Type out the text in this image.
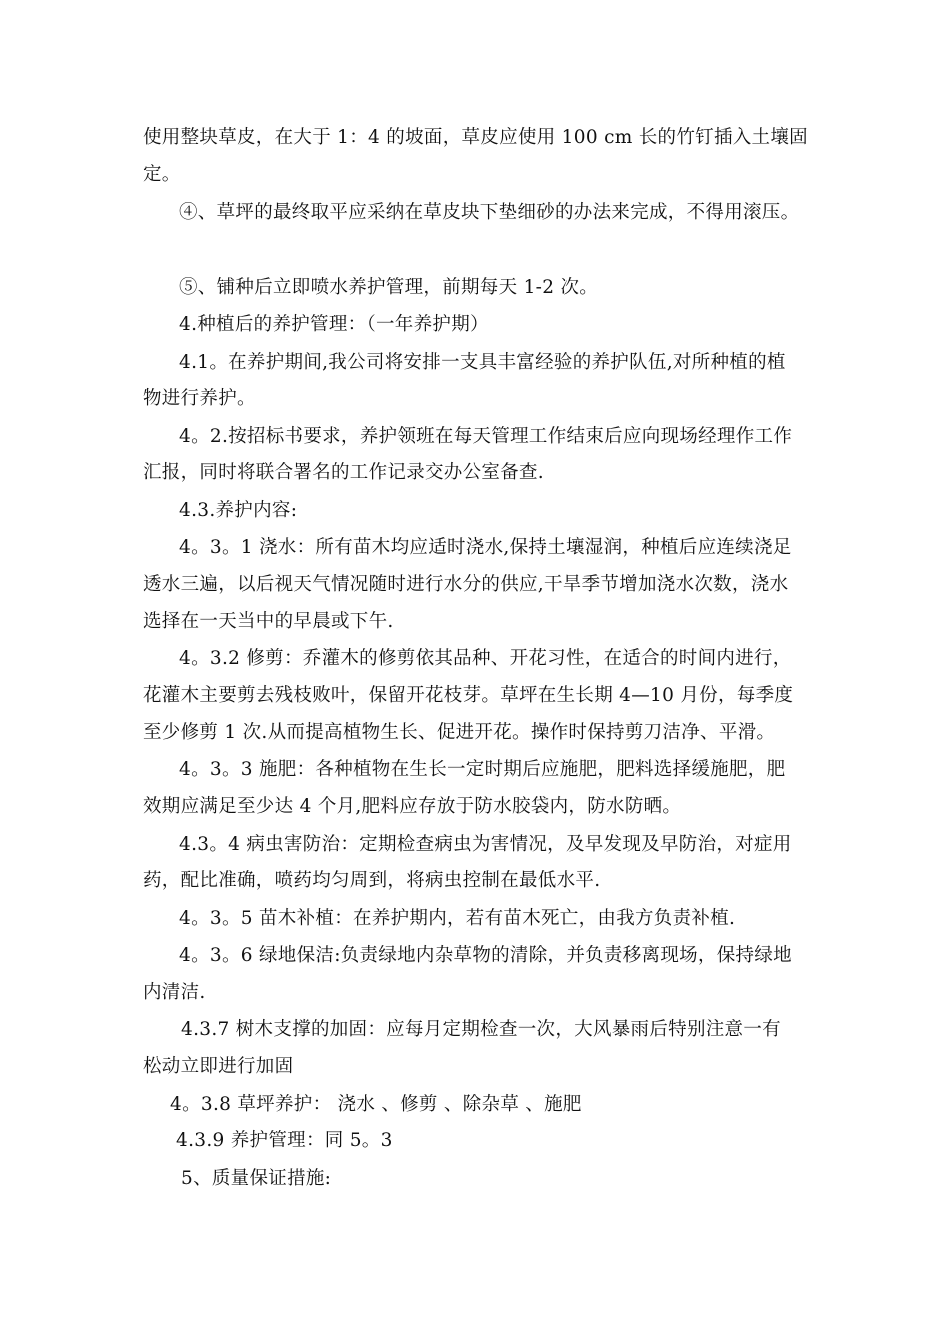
使用整块草皮，在大于 1：4 的坡面，草皮应使用 100 cm 长的竹钉插入土壤固
定。
④、草坪的最终取平应采纳在草皮块下垫细砂的办法来完成，不得用滚压。
⑤、铺种后立即喷水养护管理，前期每天 1-2 次。
4.种植后的养护管理：（一年养护期）
4.1。在养护期间,我公司将安排一支具丰富经验的养护队伍,对所种植的植
物进行养护。
4。2.按招标书要求，养护领班在每天管理工作结束后应向现场经理作工作
汇报，同时将联合署名的工作记录交办公室备查.
4.3.养护内容:
4。3。1 浇水：所有苗木均应适时浇水,保持土壤湿润，种植后应连续浇足
透水三遍，以后视天气情况随时进行水分的供应,干旱季节增加浇水次数，浇水
选择在一天当中的早晨或下午.
4。3.2 修剪：乔灌木的修剪依其品种、开花习性，在适合的时间内进行，
花灌木主要剪去残枝败叶，保留开花枝芽。草坪在生长期 4—10 月份，每季度
至少修剪 1 次.从而提高植物生长、促进开花。操作时保持剪刀洁净、平滑。
4。3。3 施肥：各种植物在生长一定时期后应施肥，肥料选择缓施肥，肥
效期应满足至少达 4 个月,肥料应存放于防水胶袋内，防水防晒。
4.3。4 病虫害防治：定期检查病虫为害情况，及早发现及早防治，对症用
药，配比准确，喷药均匀周到，将病虫控制在最低水平.
4。3。5 苗木补植：在养护期内，若有苗木死亡，由我方负责补植.
4。3。6 绿地保洁:负责绿地内杂草物的清除，并负责移离现场，保持绿地
内清洁.
4.3.7 树木支撑的加固：应每月定期检查一次，大风暴雨后特别注意一有
松动立即进行加固
4。3.8 草坪养护： 浇水 、修剪 、除杂草 、施肥
4.3.9 养护管理：同 5。3
5、质量保证措施:
